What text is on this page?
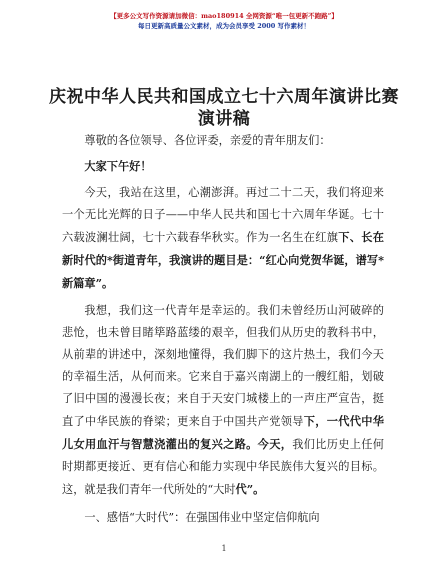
【更多公文写作资源请加微信：mao180914 全网资源“唯一包更新不跑路”】
每日更新高质量公文素材，成为会员享受 2000 写作素材！
庆祝中华人民共和国成立七十六周年演讲比赛
演讲稿

尊敬的各位领导、各位评委，亲爱的青年朋友们：

大家下午好！

今天，我站在这里，心潮澎湃。再过二十二天，我们将迎来一个无比光辉的日子——中华人民共和国七十六周年华诞。七十六载波澜壮阔，七十六载春华秋实。作为一名生在红旗下、长在新时代的*街道青年，我演讲的题目是：“红心向党贺华诞，谱写*新篇章”。

我想，我们这一代青年是幸运的。我们未曾经历山河破碎的悲怆，也未曾目睹筚路蓝缕的艰辛，但我们从历史的教科书中，从前辈的讲述中，深刻地懂得，我们脚下的这片热土，我们今天的幸福生活，从何而来。它来自于嘉兴南湖上的一艘红船，划破了旧中国的漫漫长夜；来自于天安门城楼上的一声庄严宣告，挺直了中华民族的脊梁；更来自于中国共产党领导下，一代代中华儿女用血汗与智慧浇灌出的复兴之路。今天，我们比历史上任何时期都更接近、更有信心和能力实现中华民族伟大复兴的目标。这，就是我们青年一代所处的“大时代”。

一、感悟“大时代”：在强国伟业中坚定信仰航向

1
